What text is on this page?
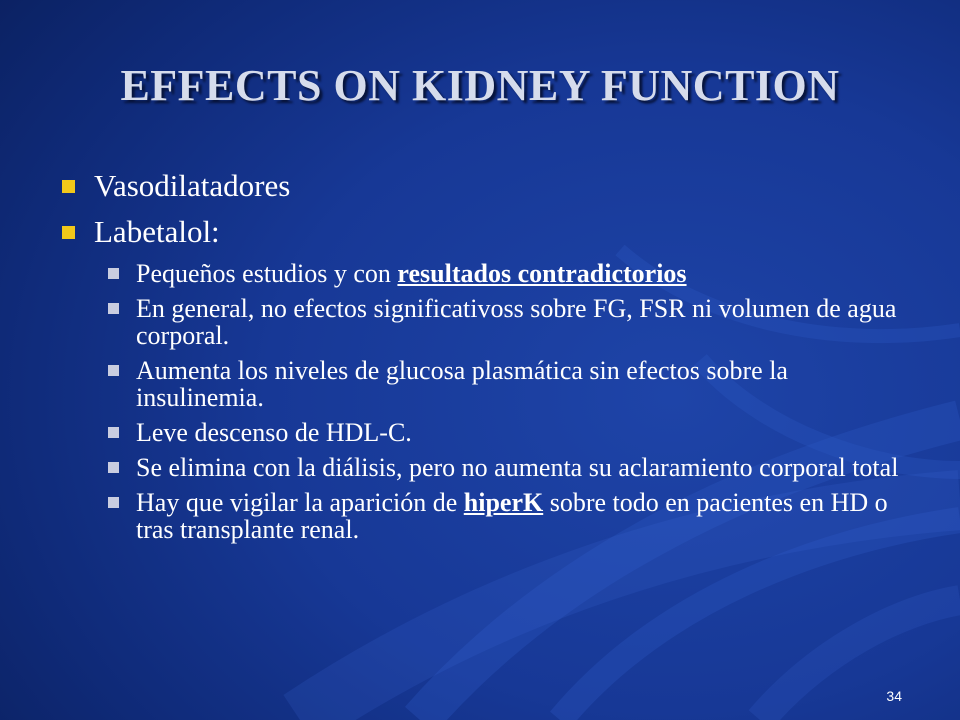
EFFECTS ON KIDNEY FUNCTION
Vasodilatadores
Labetalol:
Pequeños estudios y con resultados contradictorios
En general, no efectos significativoss sobre FG, FSR ni volumen de agua corporal.
Aumenta los niveles de glucosa plasmática sin efectos sobre la insulinemia.
Leve descenso de HDL-C.
Se elimina con la diálisis, pero no aumenta su aclaramiento corporal total
Hay que vigilar la aparición de hiperK sobre todo en pacientes en HD o tras transplante renal.
34
